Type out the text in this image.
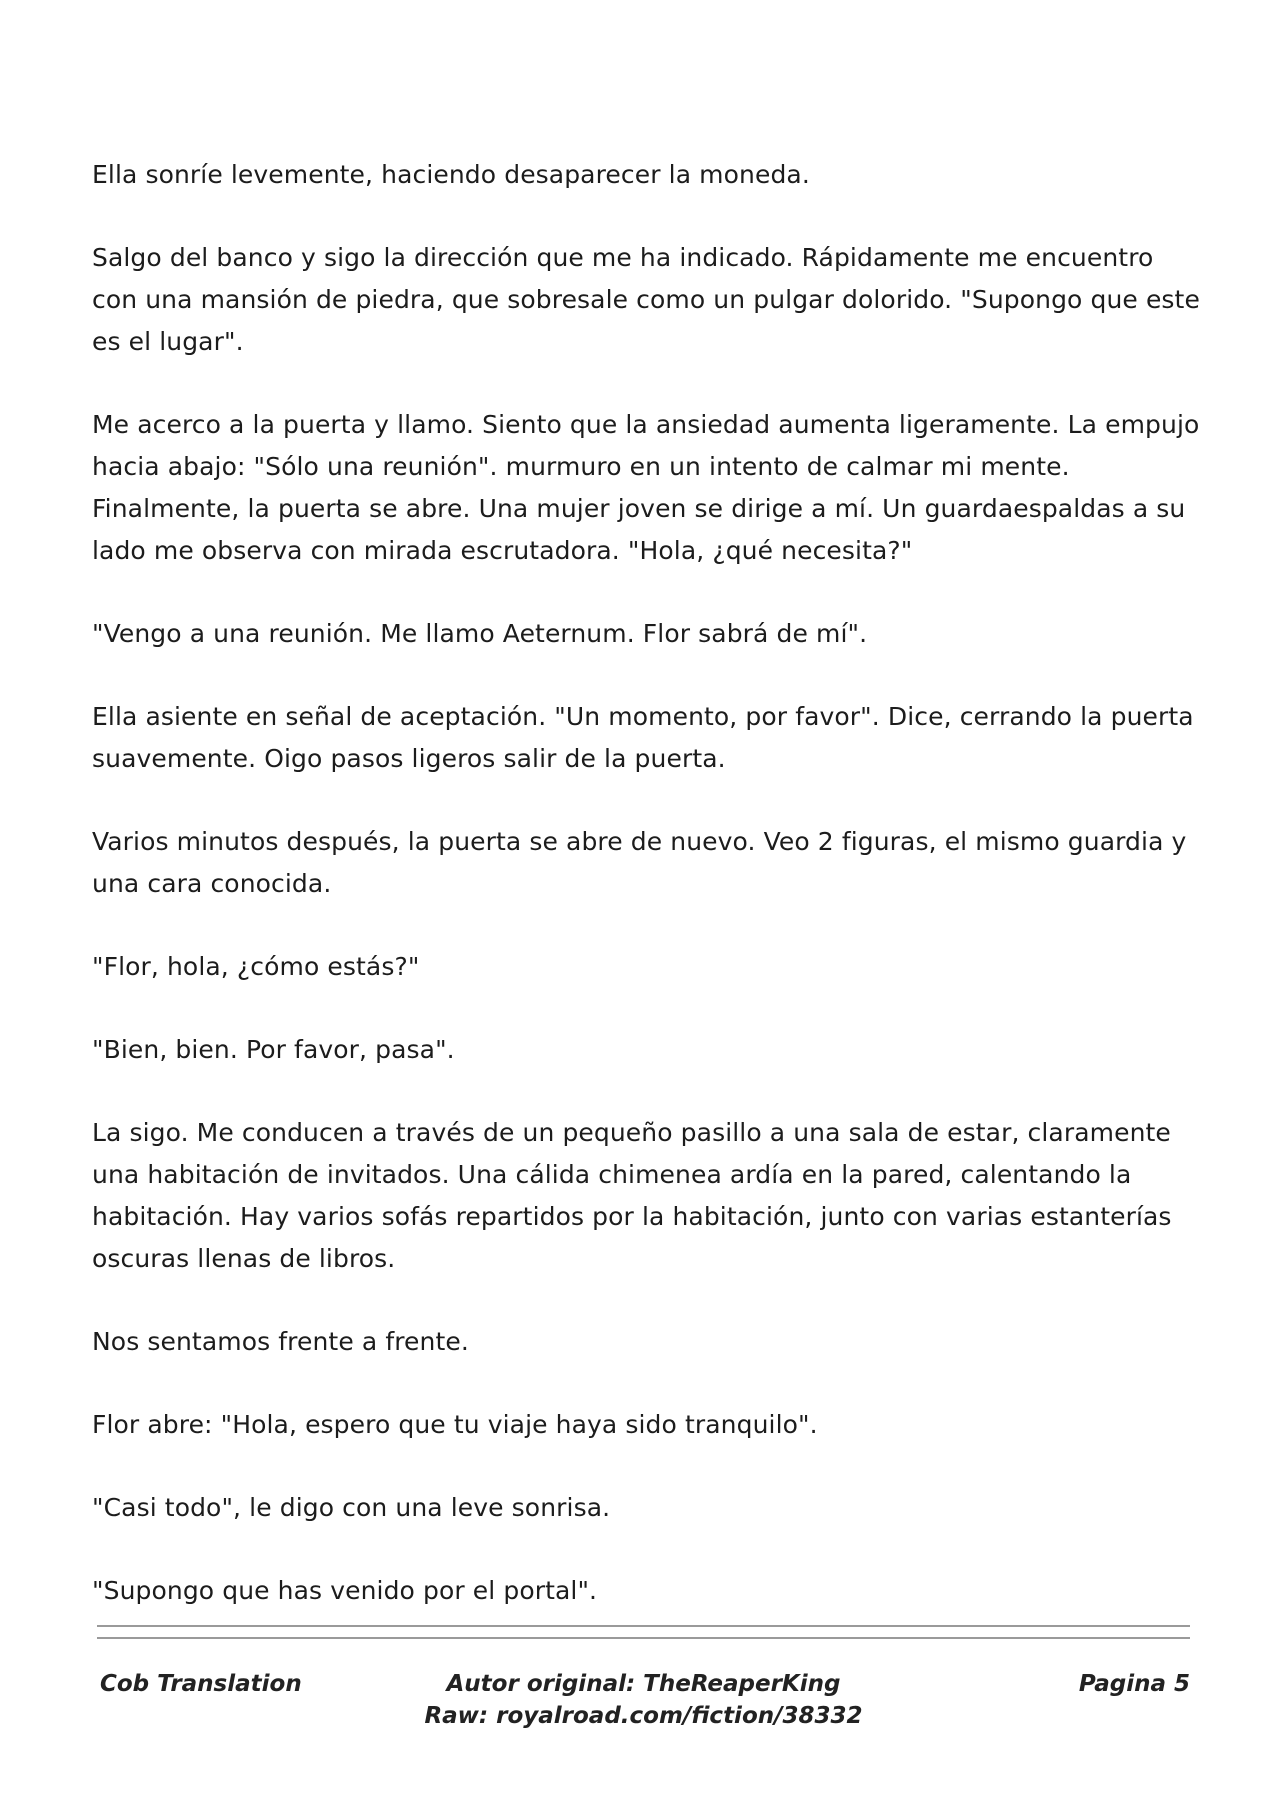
Ella sonríe levemente, haciendo desaparecer la moneda.

Salgo del banco y sigo la dirección que me ha indicado. Rápidamente me encuentro con una mansión de piedra, que sobresale como un pulgar dolorido. "Supongo que este es el lugar".

Me acerco a la puerta y llamo. Siento que la ansiedad aumenta ligeramente. La empujo hacia abajo: "Sólo una reunión". murmuro en un intento de calmar mi mente. Finalmente, la puerta se abre. Una mujer joven se dirige a mí. Un guardaespaldas a su lado me observa con mirada escrutadora. "Hola, ¿qué necesita?"

"Vengo a una reunión. Me llamo Aeternum. Flor sabrá de mí".

Ella asiente en señal de aceptación. "Un momento, por favor". Dice, cerrando la puerta suavemente. Oigo pasos ligeros salir de la puerta.

Varios minutos después, la puerta se abre de nuevo. Veo 2 figuras, el mismo guardia y una cara conocida.

"Flor, hola, ¿cómo estás?"

"Bien, bien. Por favor, pasa".

La sigo. Me conducen a través de un pequeño pasillo a una sala de estar, claramente una habitación de invitados. Una cálida chimenea ardía en la pared, calentando la habitación. Hay varios sofás repartidos por la habitación, junto con varias estanterías oscuras llenas de libros.

Nos sentamos frente a frente.

Flor abre: "Hola, espero que tu viaje haya sido tranquilo".

"Casi todo", le digo con una leve sonrisa.

"Supongo que has venido por el portal".

Cob Translation	Autor original: TheReaperKing
Raw: royalroad.com/fiction/38332
Pagina 5
